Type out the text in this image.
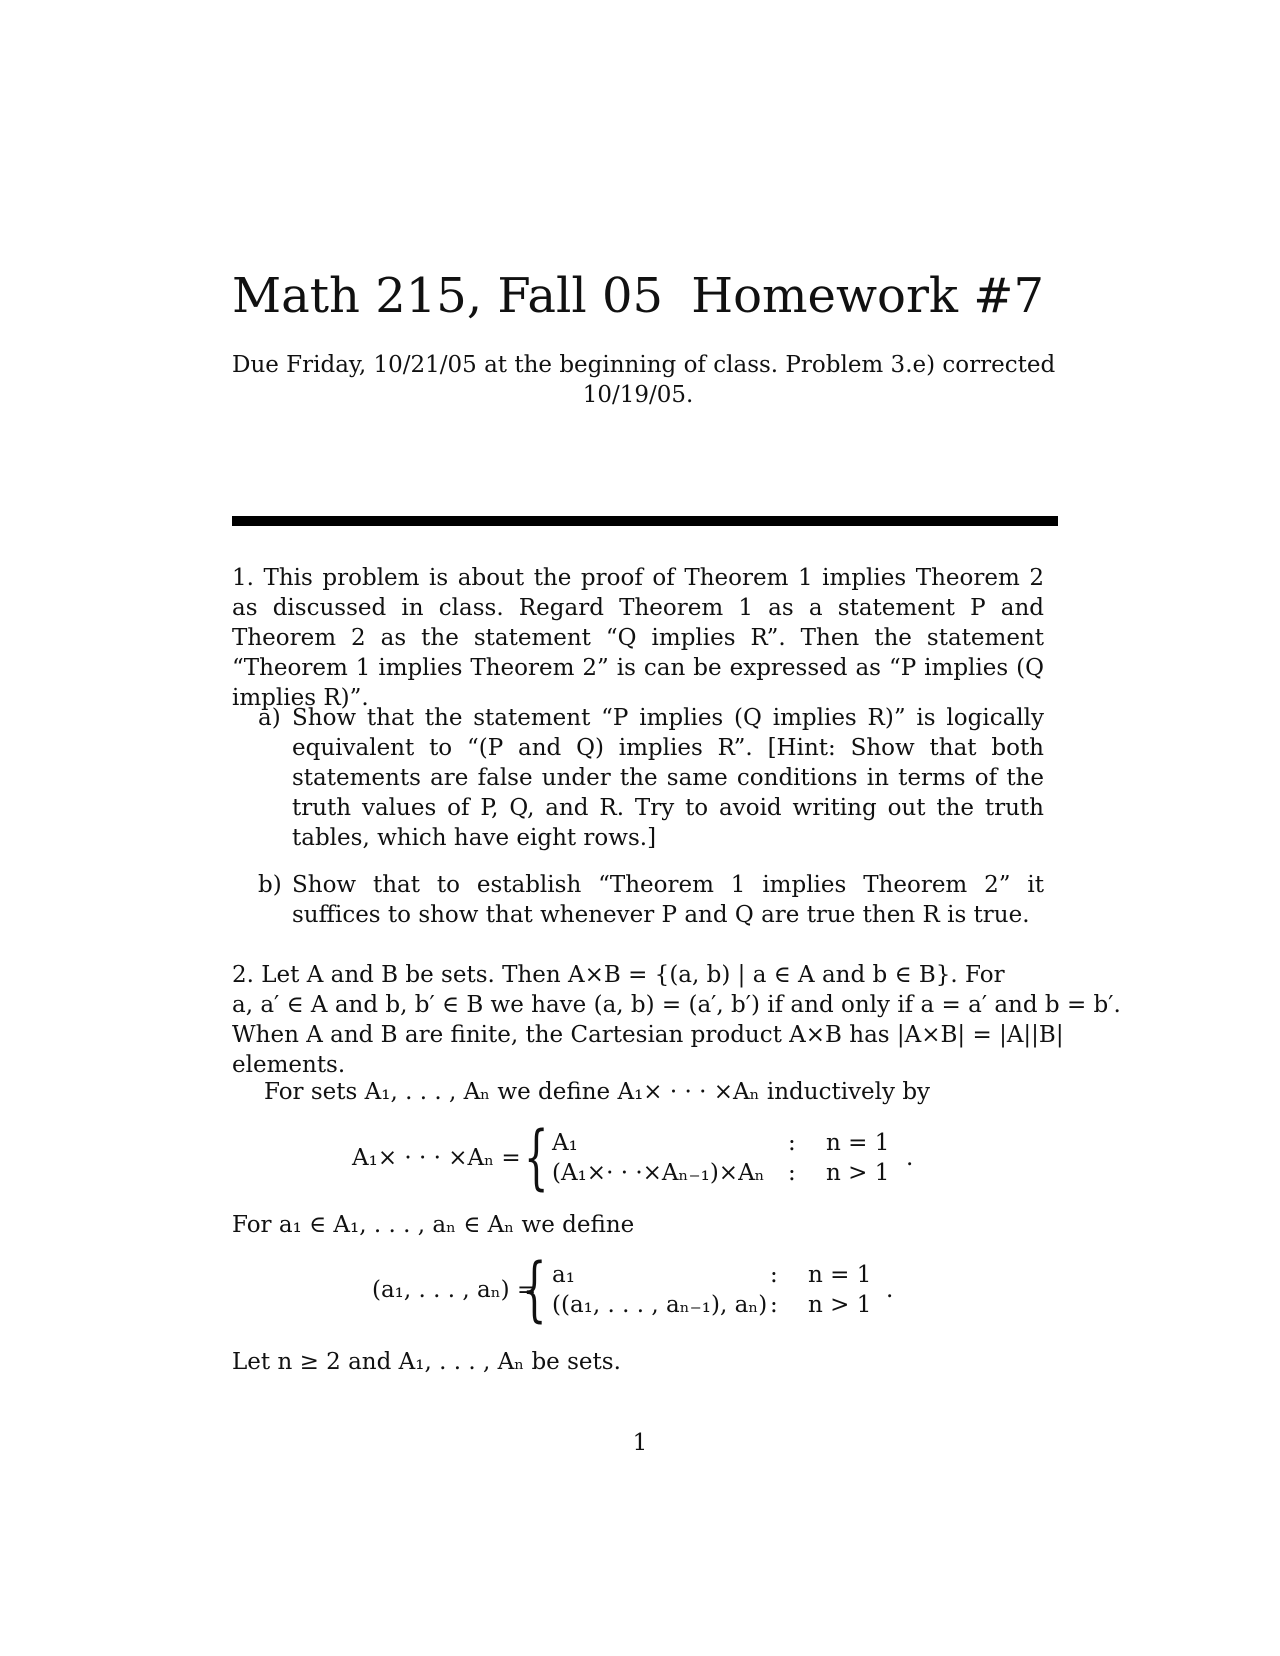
Math 215, Fall 05 Homework #7
Due Friday, 10/21/05 at the beginning of class. Problem 3.e) corrected
10/19/05.
1. This problem is about the proof of Theorem 1 implies Theorem 2 as discussed in class. Regard Theorem 1 as a statement P and Theorem 2 as the statement “Q implies R”. Then the statement “Theorem 1 implies Theorem 2” is can be expressed as “P implies (Q implies R)”.
a) Show that the statement “P implies (Q implies R)” is logically equivalent to “(P and Q) implies R”. [Hint: Show that both statements are false under the same conditions in terms of the truth values of P, Q, and R. Try to avoid writing out the truth tables, which have eight rows.]
b) Show that to establish “Theorem 1 implies Theorem 2” it suffices to show that whenever P and Q are true then R is true.
2. Let A and B be sets. Then A×B = {(a, b) | a ∈ A and b ∈ B}. For
a, a′ ∈ A and b, b′ ∈ B we have (a, b) = (a′, b′) if and only if a = a′ and b = b′.
When A and B are finite, the Cartesian product A×B has |A×B| = |A||B|
elements.
For sets A₁, . . . , Aₙ we define A₁× · · · ×Aₙ inductively by
A₁× · · · ×Aₙ = { A₁	: n = 1
(A₁×· · ·×Aₙ₋₁)×Aₙ : n > 1
.
For a₁ ∈ A₁, . . . , aₙ ∈ Aₙ we define
(a₁, . . . , aₙ) =
{ a₁	: n = 1
((a₁, . . . , aₙ₋₁), aₙ) : n > 1
.
Let n ≥ 2 and A₁, . . . , Aₙ be sets.
1
